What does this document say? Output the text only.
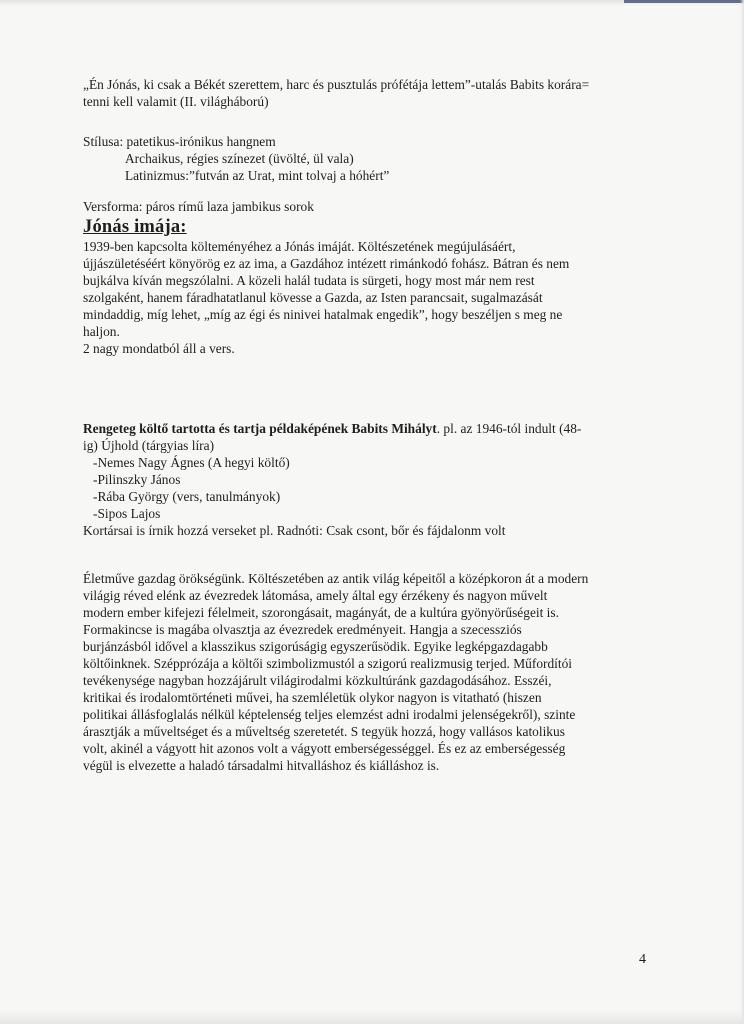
„Én Jónás, ki csak a Békét szerettem, harc és pusztulás prófétája lettem”-utalás Babits korára=

tenni kell valamit (II. világháború)

Stílusa: patetikus-irónikus hangnem

Archaikus, régies színezet (üvölté, ül vala)

Latinizmus:”futván az Urat, mint tolvaj a hóhért”

Versforma: páros rímű laza jambikus sorok

Jónás imája:

1939-ben kapcsolta költeményéhez a Jónás imáját. Költészetének megújulásáért,

újjászületéséért könyörög ez az ima, a Gazdához intézett rimánkodó fohász. Bátran és nem

bujkálva kíván megszólalni. A közeli halál tudata is sürgeti, hogy most már nem rest

szolgaként, hanem fáradhatatlanul kövesse a Gazda, az Isten parancsait, sugalmazását

mindaddig, míg lehet, „míg az égi és ninivei hatalmak engedik”, hogy beszéljen s meg ne

haljon.

2 nagy mondatból áll a vers.

Rengeteg költő tartotta és tartja példaképének Babits Mihályt. pl. az 1946-tól indult (48-

ig) Újhold (tárgyias líra)

-Nemes Nagy Ágnes (A hegyi költő)

-Pilinszky János

-Rába György (vers, tanulmányok)

-Sipos Lajos

Kortársai is írnik hozzá verseket pl. Radnóti: Csak csont, bőr és fájdalonm volt

Életműve gazdag örökségünk. Költészetében az antik világ képeitől a középkoron át a modern

világig réved elénk az évezredek látomása, amely által egy érzékeny és nagyon művelt

modern ember kifejezi félelmeit, szorongásait, magányát, de a kultúra gyönyörűségeit is.

Formakincse is magába olvasztja az évezredek eredményeit. Hangja a szecessziós

burjánzásból idővel a klasszikus szigorúságig egyszerűsödik. Egyike legképgazdagabb

költőinknek. Szépprózája a költői szimbolizmustól a szigorú realizmusig terjed. Műfordítói

tevékenysége nagyban hozzájárult világirodalmi közkultúránk gazdagodásához. Esszéi,

kritikai és irodalomtörténeti művei, ha szemléletük olykor nagyon is vitatható (hiszen

politikai állásfoglalás nélkül képtelenség teljes elemzést adni irodalmi jelenségekről), szinte

árasztják a műveltséget és a műveltség szeretetét. S tegyük hozzá, hogy vallásos katolikus

volt, akinél a vágyott hit azonos volt a vágyott emberségességgel. És ez az emberségesség

végül is elvezette a haladó társadalmi hitvalláshoz és kiálláshoz is.

4
